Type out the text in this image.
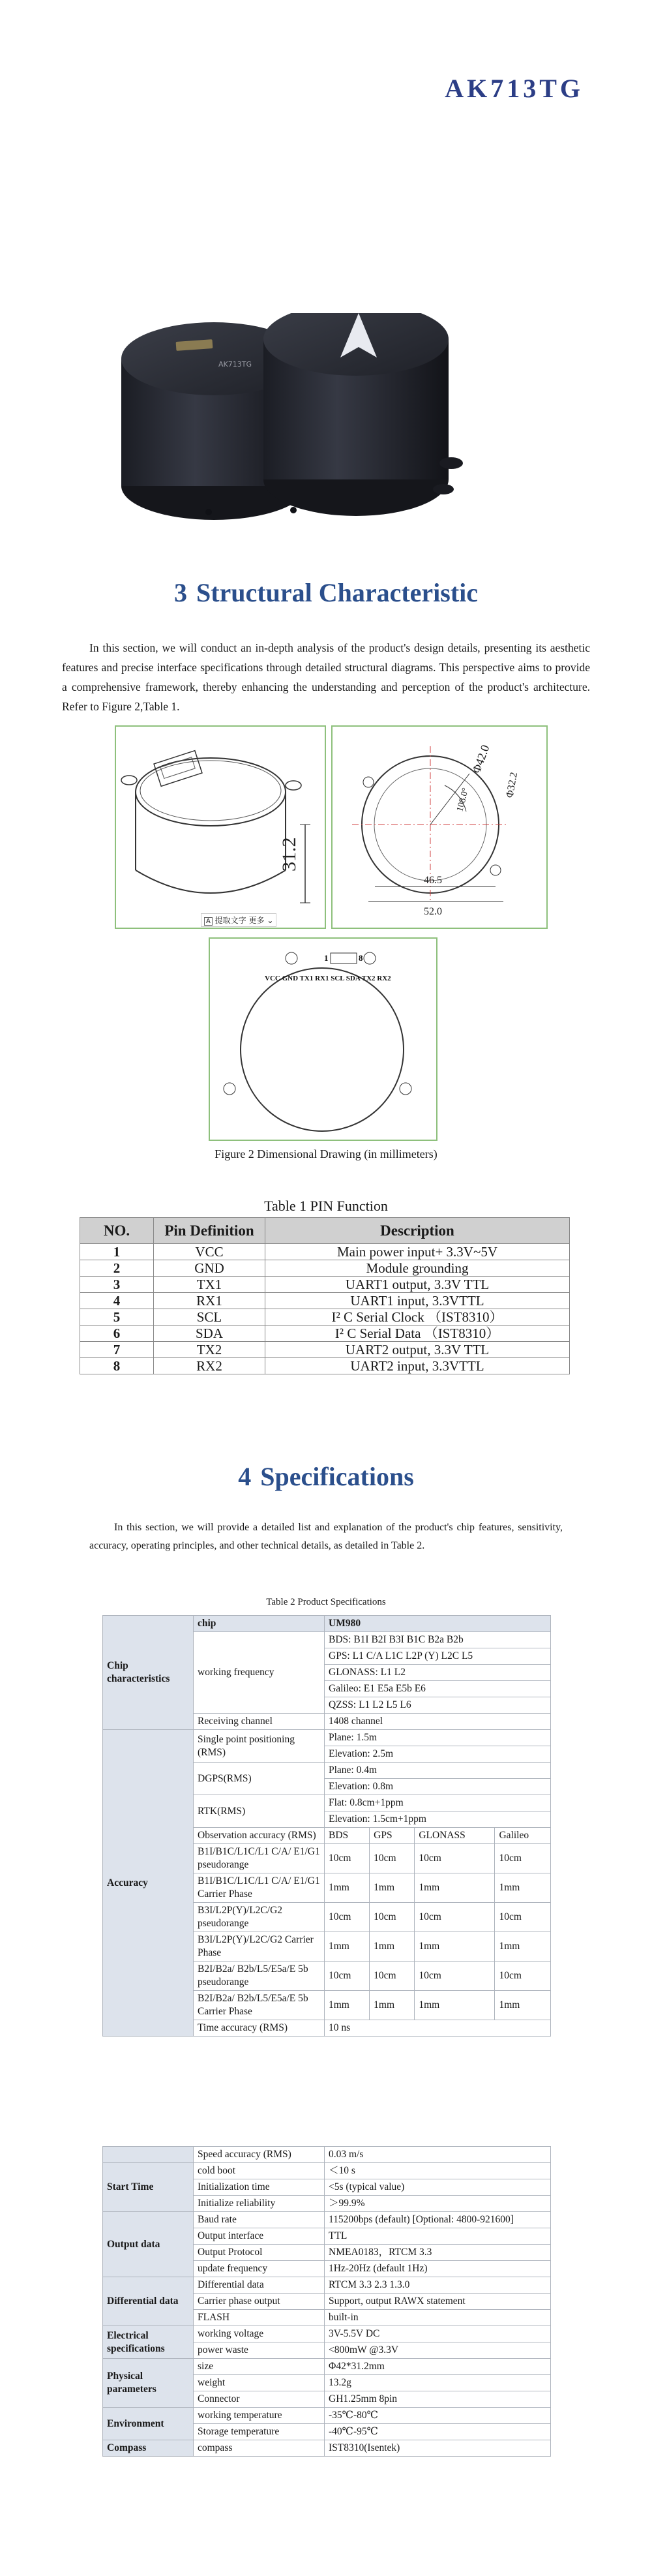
AK713TG
AK713TG
3 Structural Characteristic

In this section, we will conduct an in-depth analysis of the product's design details, presenting its aesthetic features and precise interface specifications through detailed structural diagrams. This perspective aims to provide a comprehensive framework, thereby enhancing the understanding and perception of the product's architecture. Refer to Figure 2,Table 1.

31.2
A 提取文字 更多 ⌄
Φ42.0
Φ32.2
108.0°
46.5
52.0
1	8
VCC GND TX1 RX1 SCL SDA TX2 RX2
Figure 2 Dimensional Drawing (in millimeters)
Table 1 PIN Function
NO.	Pin Definition	Description
1	VCC	Main power input+ 3.3V~5V
2	GND	Module grounding
3	TX1	UART1 output, 3.3V TTL
4	RX1	UART1 input, 3.3VTTL
5	SCL	I² C Serial Clock （IST8310）
6	SDA	I² C Serial Data （IST8310）
7	TX2	UART2 output, 3.3V TTL
8	RX2	UART2 input, 3.3VTTL
4 Specifications

In this section, we will provide a detailed list and explanation of the product's chip features, sensitivity, accuracy, operating principles, and other technical details, as detailed in Table 2.

Table 2 Product Specifications
Chip characteristics	chip	UM980			
	working frequency	BDS: B1I B2I B3I B1C B2a B2b			
		GPS: L1 C/A L1C L2P (Y) L2C L5			
		GLONASS: L1 L2			
		Galileo: E1 E5a E5b E6			
		QZSS: L1 L2 L5 L6			
	Receiving channel	1408 channel			
Accuracy	Single point positioning (RMS)	Plane: 1.5m			
		Elevation: 2.5m			
	DGPS(RMS)	Plane: 0.4m			
		Elevation: 0.8m			
	RTK(RMS)	Flat: 0.8cm+1ppm			
		Elevation: 1.5cm+1ppm			
	Observation accuracy (RMS)	BDS	GPS	GLONASS	Galileo
	B1I/B1C/L1C/L1 C/A/ E1/G1 pseudorange	10cm	10cm	10cm	10cm
	B1I/B1C/L1C/L1 C/A/ E1/G1 Carrier Phase	1mm	1mm	1mm	1mm
	B3I/L2P(Y)/L2C/G2 pseudorange	10cm	10cm	10cm	10cm
	B3I/L2P(Y)/L2C/G2 Carrier Phase	1mm	1mm	1mm	1mm
	B2I/B2a/ B2b/L5/E5a/E 5b pseudorange	10cm	10cm	10cm	10cm
	B2I/B2a/ B2b/L5/E5a/E 5b Carrier Phase	1mm	1mm	1mm	1mm
	Time accuracy (RMS)	10 ns			
	Speed accuracy (RMS)	0.03 m/s
Start Time	cold boot	＜10 s
	Initialization time	<5s (typical value)
	Initialize reliability	＞99.9%
Output data	Baud rate	115200bps (default) [Optional: 4800-921600]
	Output interface	TTL
	Output Protocol	NMEA0183，RTCM 3.3
	update frequency	1Hz-20Hz (default 1Hz)
Differential data	Differential data	RTCM 3.3 2.3 1.3.0
	Carrier phase output	Support, output RAWX statement
	FLASH	built-in
Electrical specifications	working voltage	3V-5.5V DC
	power waste	<800mW @3.3V
Physical parameters	size	Φ42*31.2mm
	weight	13.2g
	Connector	GH1.25mm 8pin
Environment	working temperature	-35℃-80℃
	Storage temperature	-40℃-95℃
Compass	compass	IST8310(Isentek)
